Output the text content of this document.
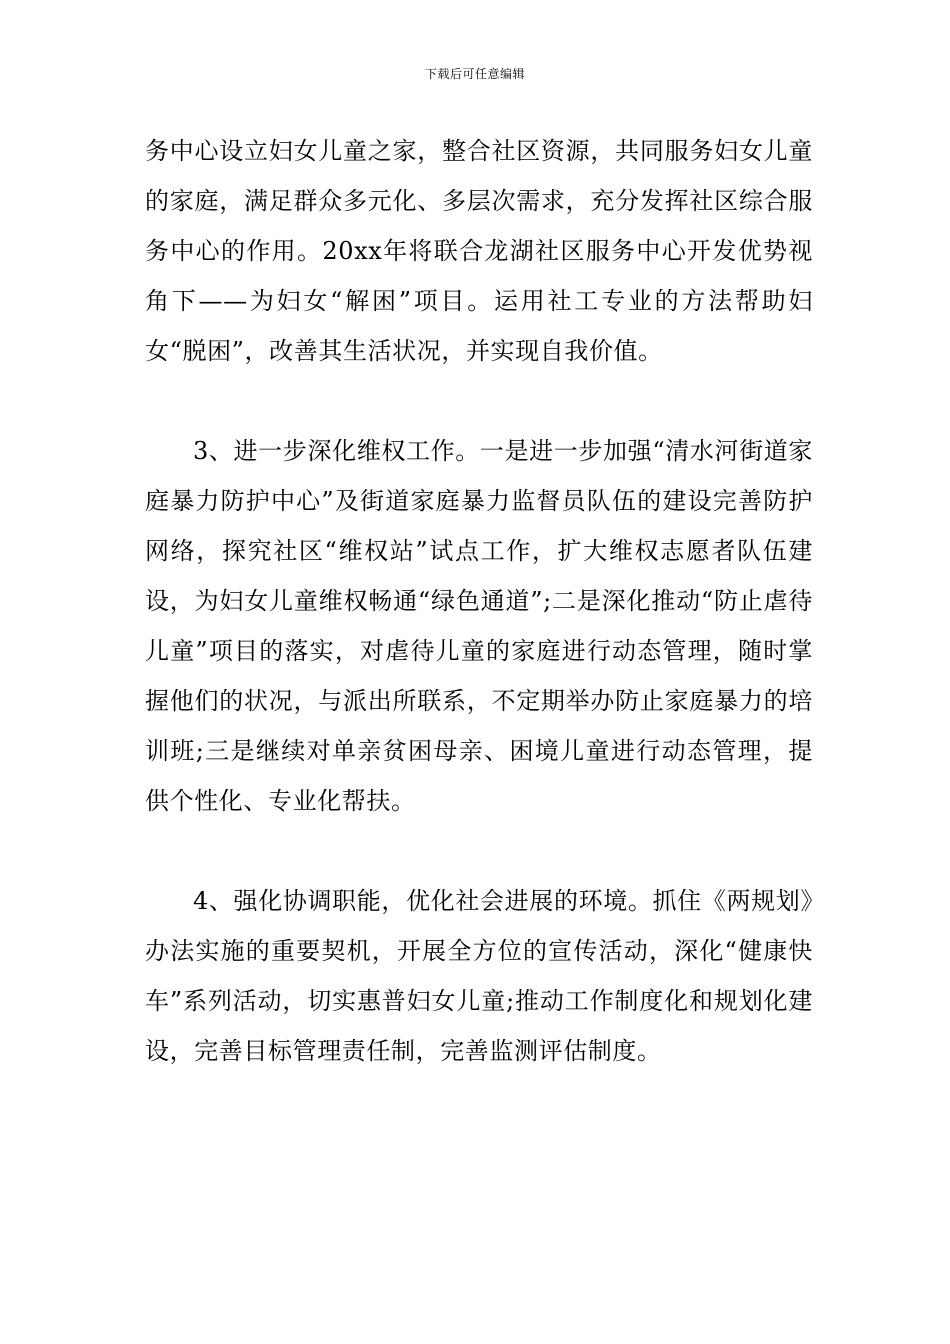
下载后可任意编辑

务中心设立妇女儿童之家，整合社区资源，共同服务妇女儿童的家庭，满足群众多元化、多层次需求，充分发挥社区综合服务中心的作用。20xx年将联合龙湖社区服务中心开发优势视角下——为妇女“解困”项目。运用社工专业的方法帮助妇女“脱困”，改善其生活状况，并实现自我价值。

3、进一步深化维权工作。一是进一步加强“清水河街道家庭暴力防护中心”及街道家庭暴力监督员队伍的建设完善防护网络，探究社区“维权站”试点工作，扩大维权志愿者队伍建设，为妇女儿童维权畅通“绿色通道”;二是深化推动“防止虐待儿童”项目的落实，对虐待儿童的家庭进行动态管理，随时掌握他们的状况，与派出所联系，不定期举办防止家庭暴力的培训班;三是继续对单亲贫困母亲、困境儿童进行动态管理，提供个性化、专业化帮扶。

4、强化协调职能，优化社会进展的环境。抓住《两规划》办法实施的重要契机，开展全方位的宣传活动，深化“健康快车”系列活动，切实惠普妇女儿童;推动工作制度化和规划化建设，完善目标管理责任制，完善监测评估制度。
